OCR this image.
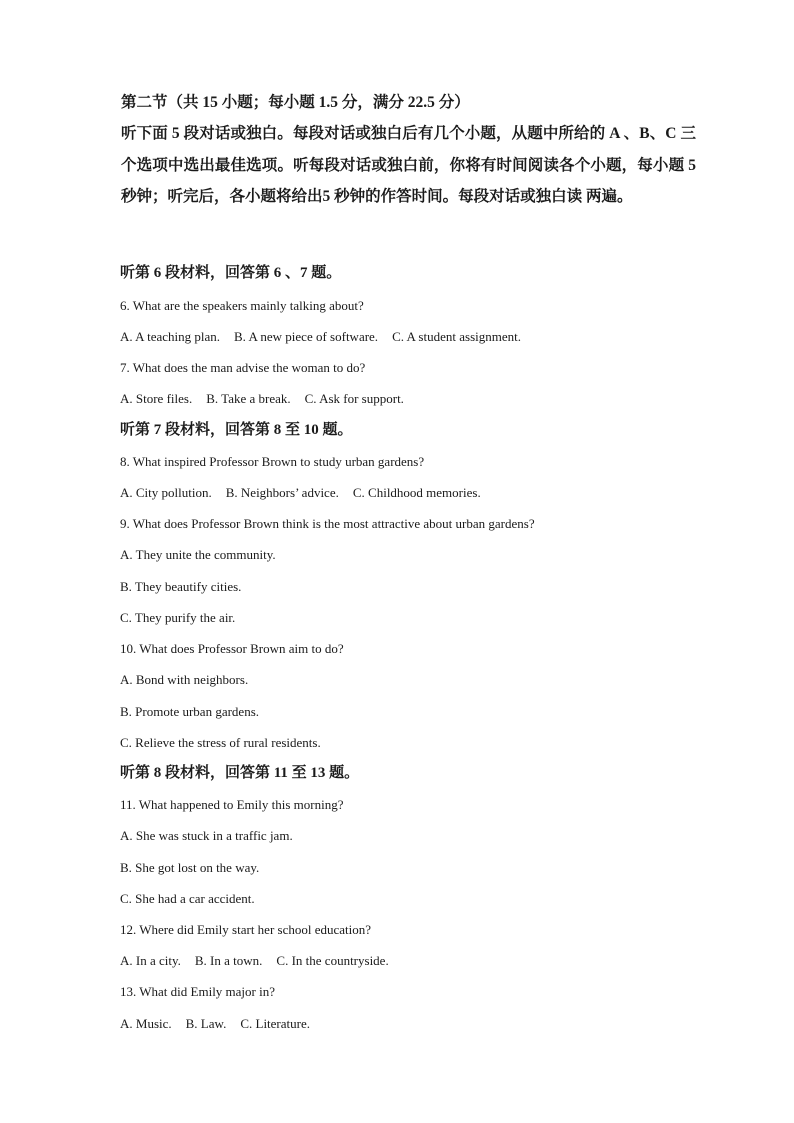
第二节（共 15 小题；每小题 1.5 分，满分 22.5 分）

听下面 5 段对话或独白。每段对话或独白后有几个小题，从题中所给的 A 、B、C 三个选项中选出最佳选项。听每段对话或独白前，你将有时间阅读各个小题，每小题 5 秒钟；听完后，各小题将给出5 秒钟的作答时间。每段对话或独白读 两遍。

听第 6 段材料，回答第 6 、7 题。
6. What are the speakers mainly talking about?
A. A teaching plan. B. A new piece of software. C. A student assignment.
7. What does the man advise the woman to do?
A. Store files. B. Take a break. C. Ask for support.
听第 7 段材料，回答第 8 至 10 题。
8. What inspired Professor Brown to study urban gardens?
A. City pollution. B. Neighbors’ advice. C. Childhood memories.
9. What does Professor Brown think is the most attractive about urban gardens?
A. They unite the community.
B. They beautify cities.
C. They purify the air.
10. What does Professor Brown aim to do?
A. Bond with neighbors.
B. Promote urban gardens.
C. Relieve the stress of rural residents.
听第 8 段材料，回答第 11 至 13 题。
11. What happened to Emily this morning?
A. She was stuck in a traffic jam.
B. She got lost on the way.
C. She had a car accident.
12. Where did Emily start her school education?
A. In a city. B. In a town. C. In the countryside.
13. What did Emily major in?
A. Music. B. Law. C. Literature.
